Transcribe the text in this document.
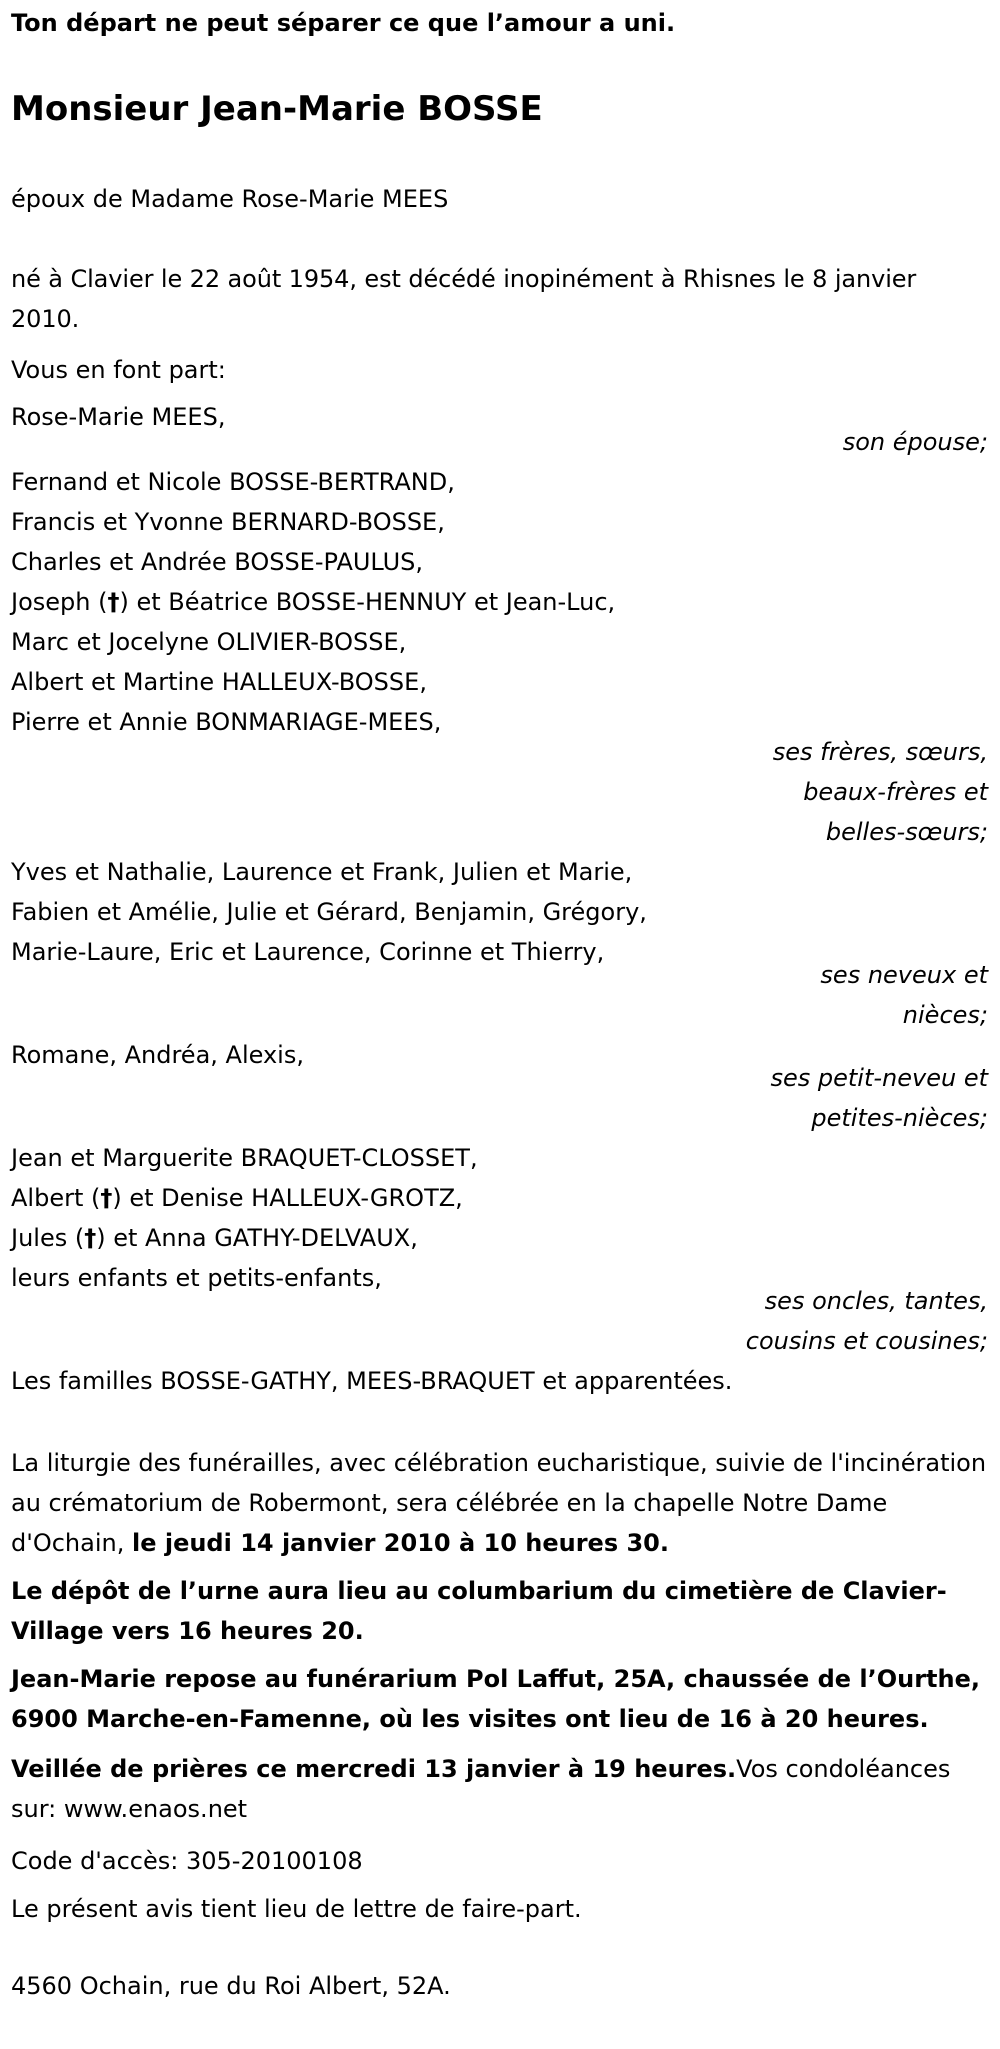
Ton départ ne peut séparer ce que l’amour a uni.

Monsieur Jean-Marie BOSSE

époux de Madame Rose-Marie MEES

né à Clavier le 22 août 1954, est décédé inopinément à Rhisnes le 8 janvier 2010.

Vous en font part:

Rose-Marie MEES,
son épouse;
Fernand et Nicole BOSSE-BERTRAND,
Francis et Yvonne BERNARD-BOSSE,
Charles et Andrée BOSSE-PAULUS,
Joseph (†) et Béatrice BOSSE-HENNUY et Jean-Luc,
Marc et Jocelyne OLIVIER-BOSSE,
Albert et Martine HALLEUX-BOSSE,
Pierre et Annie BONMARIAGE-MEES,
ses frères, sœurs,
beaux-frères et
belles-sœurs;
Yves et Nathalie, Laurence et Frank, Julien et Marie,
Fabien et Amélie, Julie et Gérard, Benjamin, Grégory,
Marie-Laure, Eric et Laurence, Corinne et Thierry,
ses neveux et
nièces;
Romane, Andréa, Alexis,
ses petit-neveu et
petites-nièces;
Jean et Marguerite BRAQUET-CLOSSET,
Albert (†) et Denise HALLEUX-GROTZ,
Jules (†) et Anna GATHY-DELVAUX,
leurs enfants et petits-enfants,
ses oncles, tantes,
cousins et cousines;

Les familles BOSSE-GATHY, MEES-BRAQUET et apparentées.

La liturgie des funérailles, avec célébration eucharistique, suivie de l'incinération au crématorium de Robermont, sera célébrée en la chapelle Notre Dame d'Ochain, le jeudi 14 janvier 2010 à 10 heures 30.

Le dépôt de l’urne aura lieu au columbarium du cimetière de Clavier-Village vers 16 heures 20.

Jean-Marie repose au funérarium Pol Laffut, 25A, chaussée de l’Ourthe, 6900 Marche-en-Famenne, où les visites ont lieu de 16 à 20 heures.

Veillée de prières ce mercredi 13 janvier à 19 heures.Vos condoléances sur: www.enaos.net

Code d'accès: 305-20100108

Le présent avis tient lieu de lettre de faire-part.

4560 Ochain, rue du Roi Albert, 52A.
